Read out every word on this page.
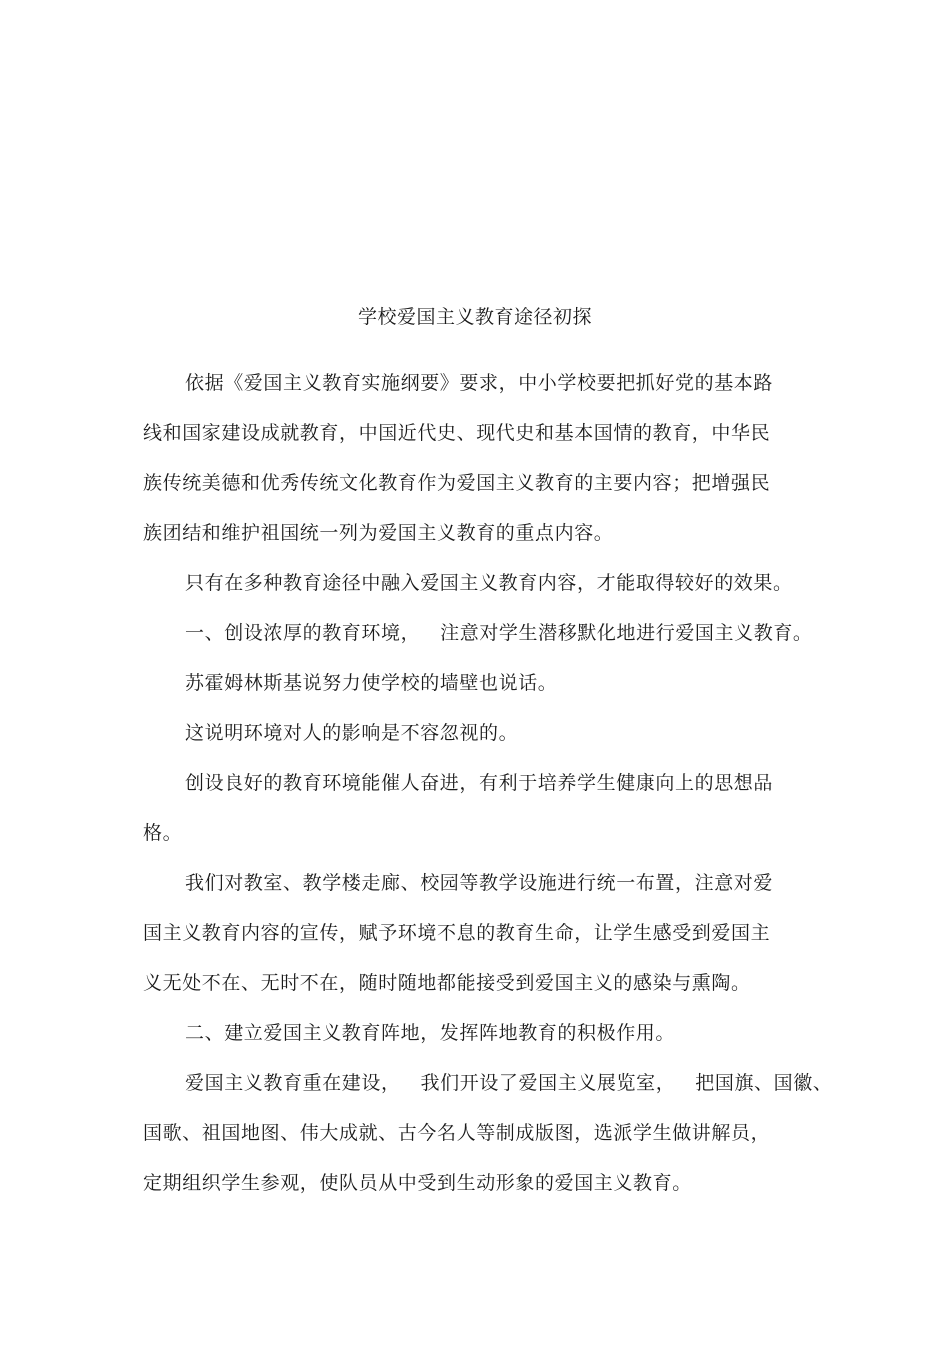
学校爱国主义教育途径初探
依据《爱国主义教育实施纲要》要求，中小学校要把抓好党的基本路
线和国家建设成就教育，中国近代史、现代史和基本国情的教育，中华民
族传统美德和优秀传统文化教育作为爱国主义教育的主要内容；把增强民
族团结和维护祖国统一列为爱国主义教育的重点内容。
只有在多种教育途径中融入爱国主义教育内容，才能取得较好的效果。
一、创设浓厚的教育环境，   注意对学生潜移默化地进行爱国主义教育。
苏霍姆林斯基说努力使学校的墙壁也说话。
这说明环境对人的影响是不容忽视的。
创设良好的教育环境能催人奋进，有利于培养学生健康向上的思想品
格。
我们对教室、教学楼走廊、校园等教学设施进行统一布置，注意对爱
国主义教育内容的宣传，赋予环境不息的教育生命，让学生感受到爱国主
义无处不在、无时不在，随时随地都能接受到爱国主义的感染与熏陶。
二、建立爱国主义教育阵地，发挥阵地教育的积极作用。
爱国主义教育重在建设，   我们开设了爱国主义展览室，   把国旗、国徽、
国歌、祖国地图、伟大成就、古今名人等制成版图，选派学生做讲解员，
定期组织学生参观，使队员从中受到生动形象的爱国主义教育。
